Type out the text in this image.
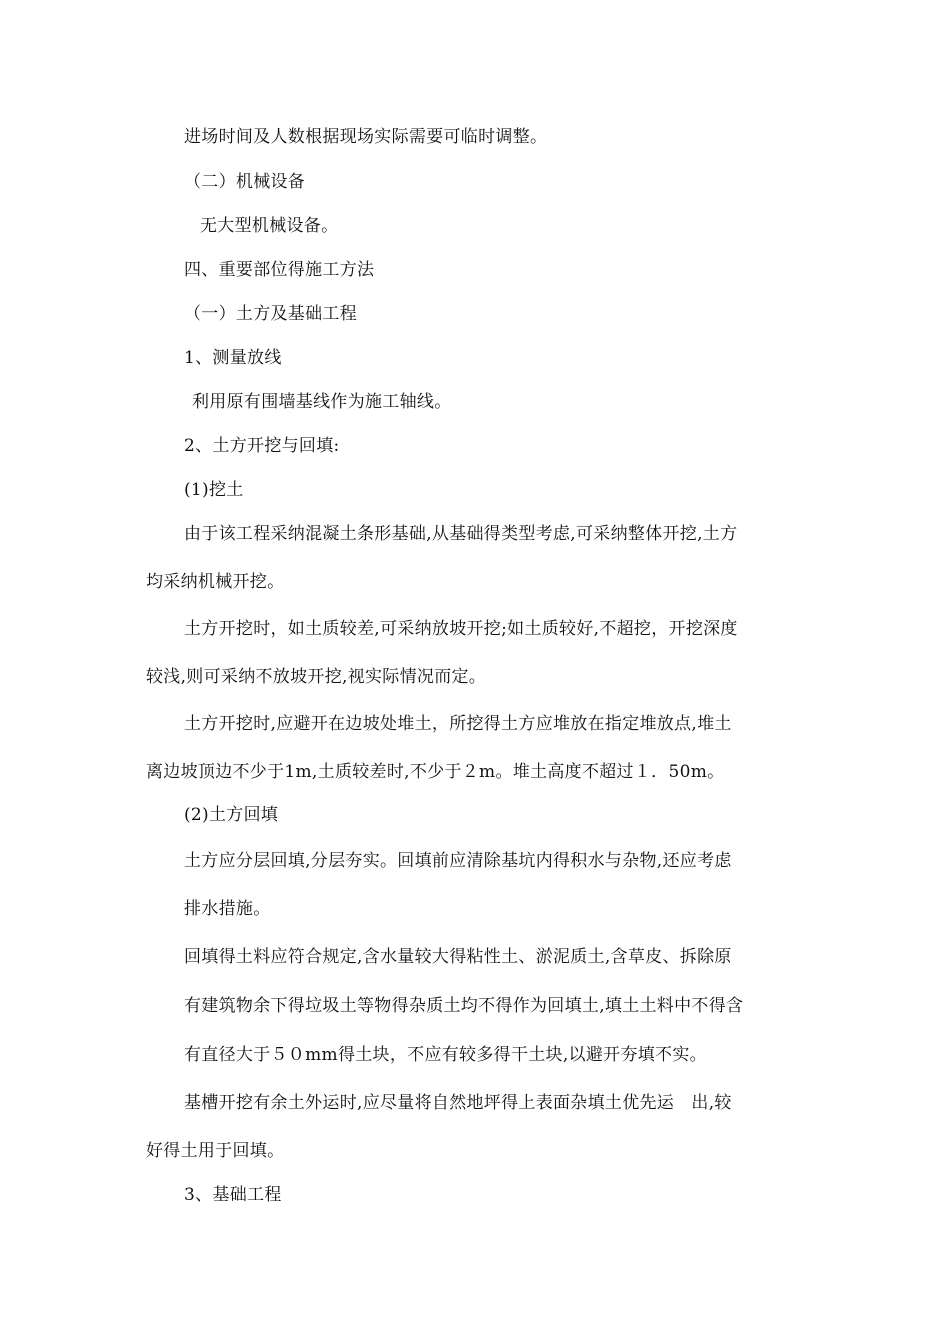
进场时间及人数根据现场实际需要可临时调整。
（二）机械设备
无大型机械设备。
四、重要部位得施工方法
（一）土方及基础工程
1、测量放线
利用原有围墙基线作为施工轴线。
2、土方开挖与回填:
(1)挖土
由于该工程采纳混凝土条形基础,从基础得类型考虑,可采纳整体开挖,土方
均采纳机械开挖。
土方开挖时，如土质较差,可采纳放坡开挖;如土质较好,不超挖，开挖深度
较浅,则可采纳不放坡开挖,视实际情况而定。
土方开挖时,应避开在边坡处堆土，所挖得土方应堆放在指定堆放点,堆土
离边坡顶边不少于1m,土质较差时,不少于２m。堆土高度不超过１．50m。
(2)土方回填
土方应分层回填,分层夯实。回填前应清除基坑内得积水与杂物,还应考虑
排水措施。
回填得土料应符合规定,含水量较大得粘性土、淤泥质土,含草皮、拆除原
有建筑物余下得垃圾土等物得杂质土均不得作为回填土,填土土料中不得含
有直径大于５０mm得土块，不应有较多得干土块,以避开夯填不实。
基槽开挖有余土外运时,应尽量将自然地坪得上表面杂填土优先运　出,较
好得土用于回填。
3、基础工程
